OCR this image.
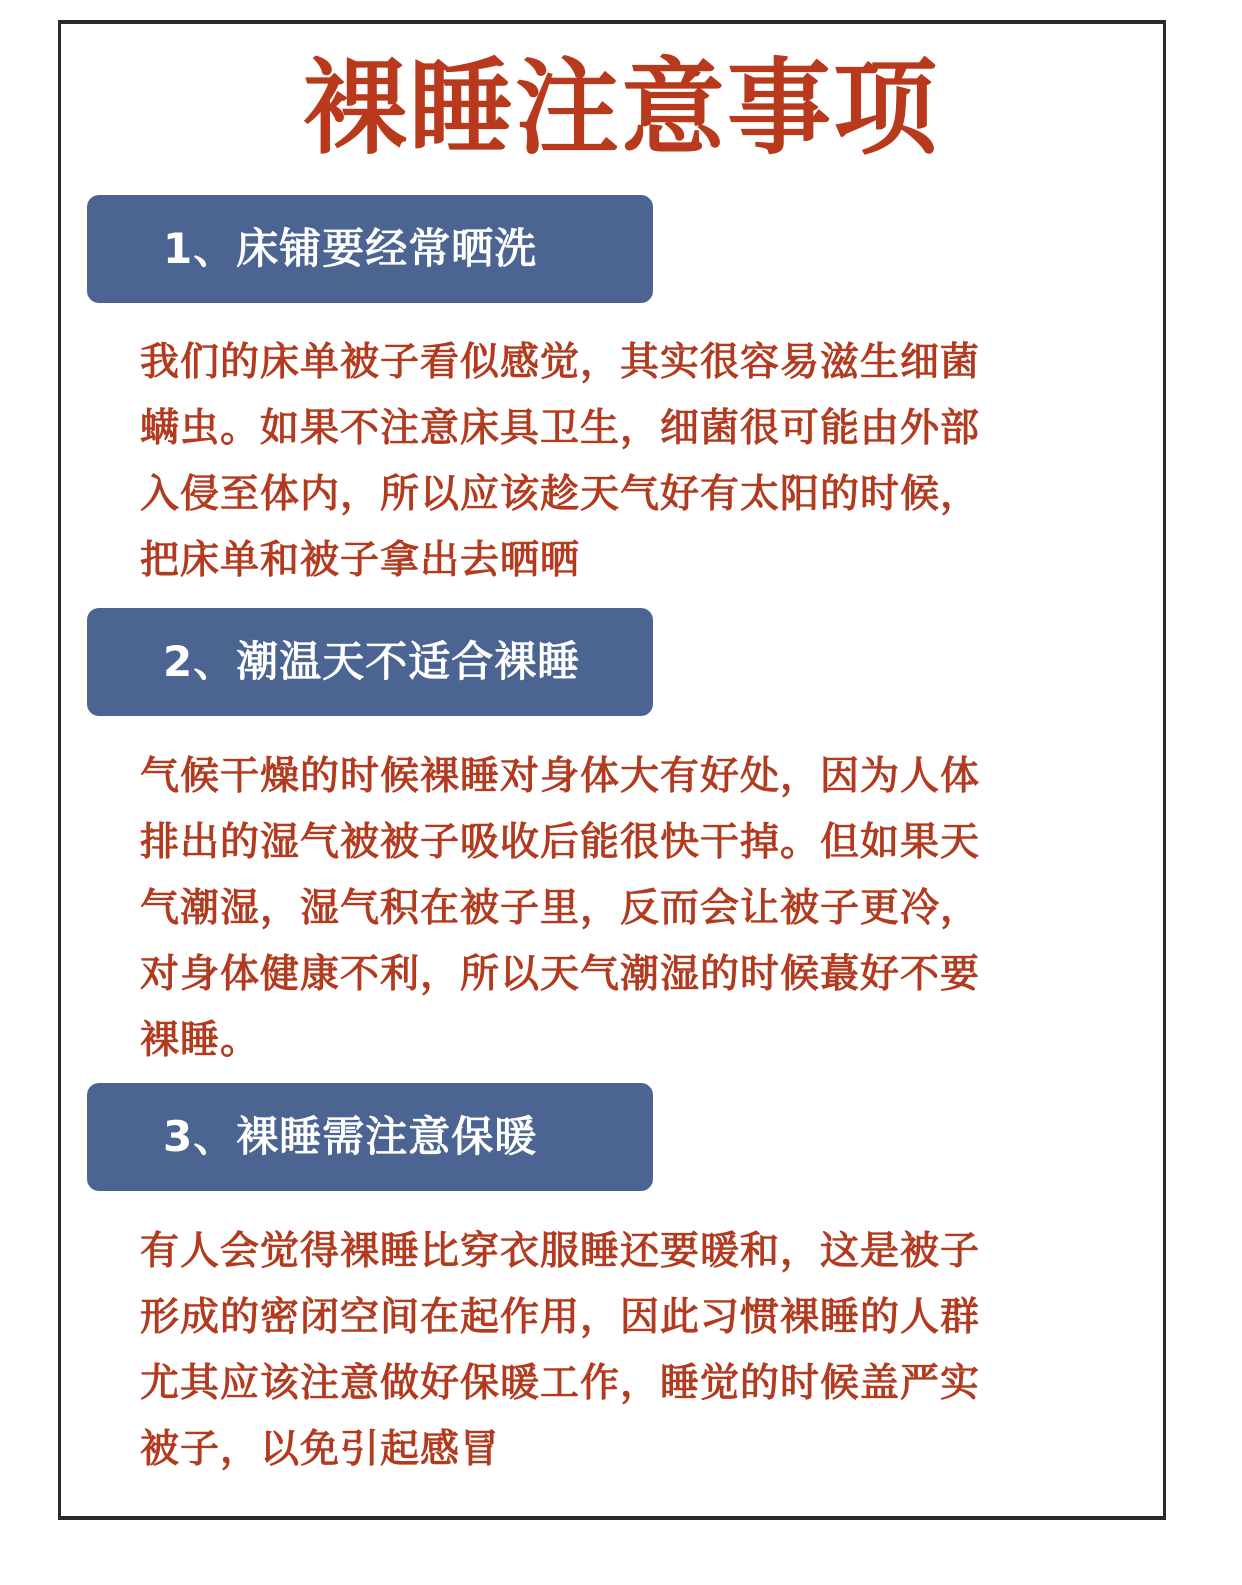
裸睡注意事项
1、床铺要经常晒洗
我们的床单被子看似感觉，其实很容易滋生细菌
螨虫。如果不注意床具卫生，细菌很可能由外部
入侵至体内，所以应该趁天气好有太阳的时候，
把床单和被子拿出去晒晒
2、潮温天不适合裸睡
气候干燥的时候裸睡对身体大有好处，因为人体
排出的湿气被被子吸收后能很快干掉。但如果天
气潮湿，湿气积在被子里，反而会让被子更冷，
对身体健康不利，所以天气潮湿的时候蕞好不要
裸睡。
3、裸睡需注意保暖
有人会觉得裸睡比穿衣服睡还要暖和，这是被子
形成的密闭空间在起作用，因此习惯裸睡的人群
尤其应该注意做好保暖工作，睡觉的时候盖严实
被子，以免引起感冒
